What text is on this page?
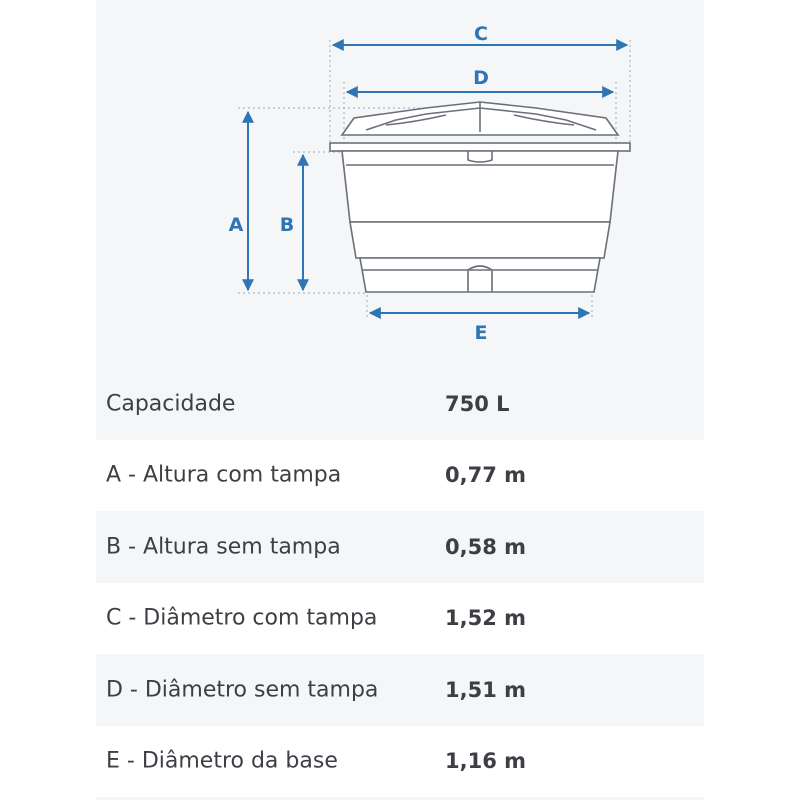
A B
C
D
E
Capacidade	750 L
A - Altura com tampa	0,77 m
B - Altura sem tampa	0,58 m
C - Diâmetro com tampa	1,52 m
D - Diâmetro sem tampa	1,51 m
E - Diâmetro da base	1,16 m
